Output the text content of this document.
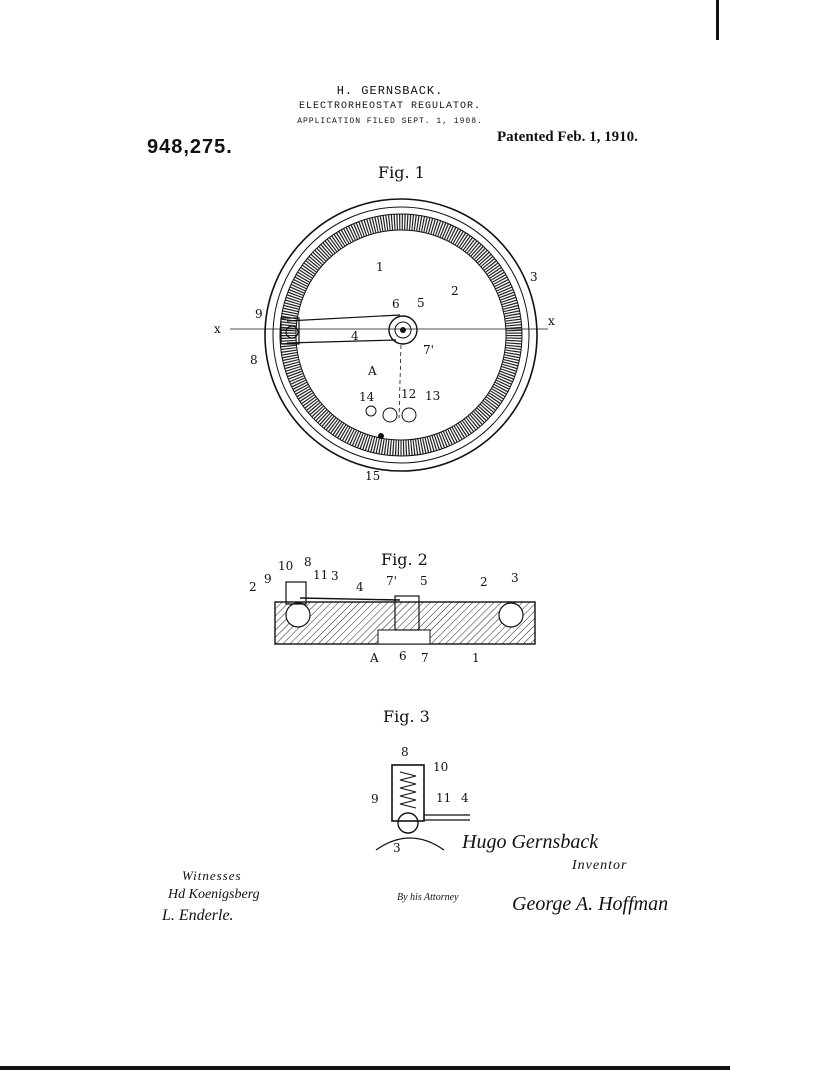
H. GERNSBACK.
ELECTRORHEOSTAT REGULATOR.
APPLICATION FILED SEPT. 1, 1908.
948,275.	Patented Feb. 1, 1910.
Fig. 1
Fig. 2
Fig. 3
1
2
3
4
5
6
7'
8
9
12 13
14
15
A
x
x
10 8
9	11 3
2	4 7' 5	2 3
A 6 7	1
8
10
9	11 4
3	Hugo Gernsback
Hd Koenigsberg
L. Enderle.
George A. Hoffman
Inventor
Witnesses
By his Attorney
